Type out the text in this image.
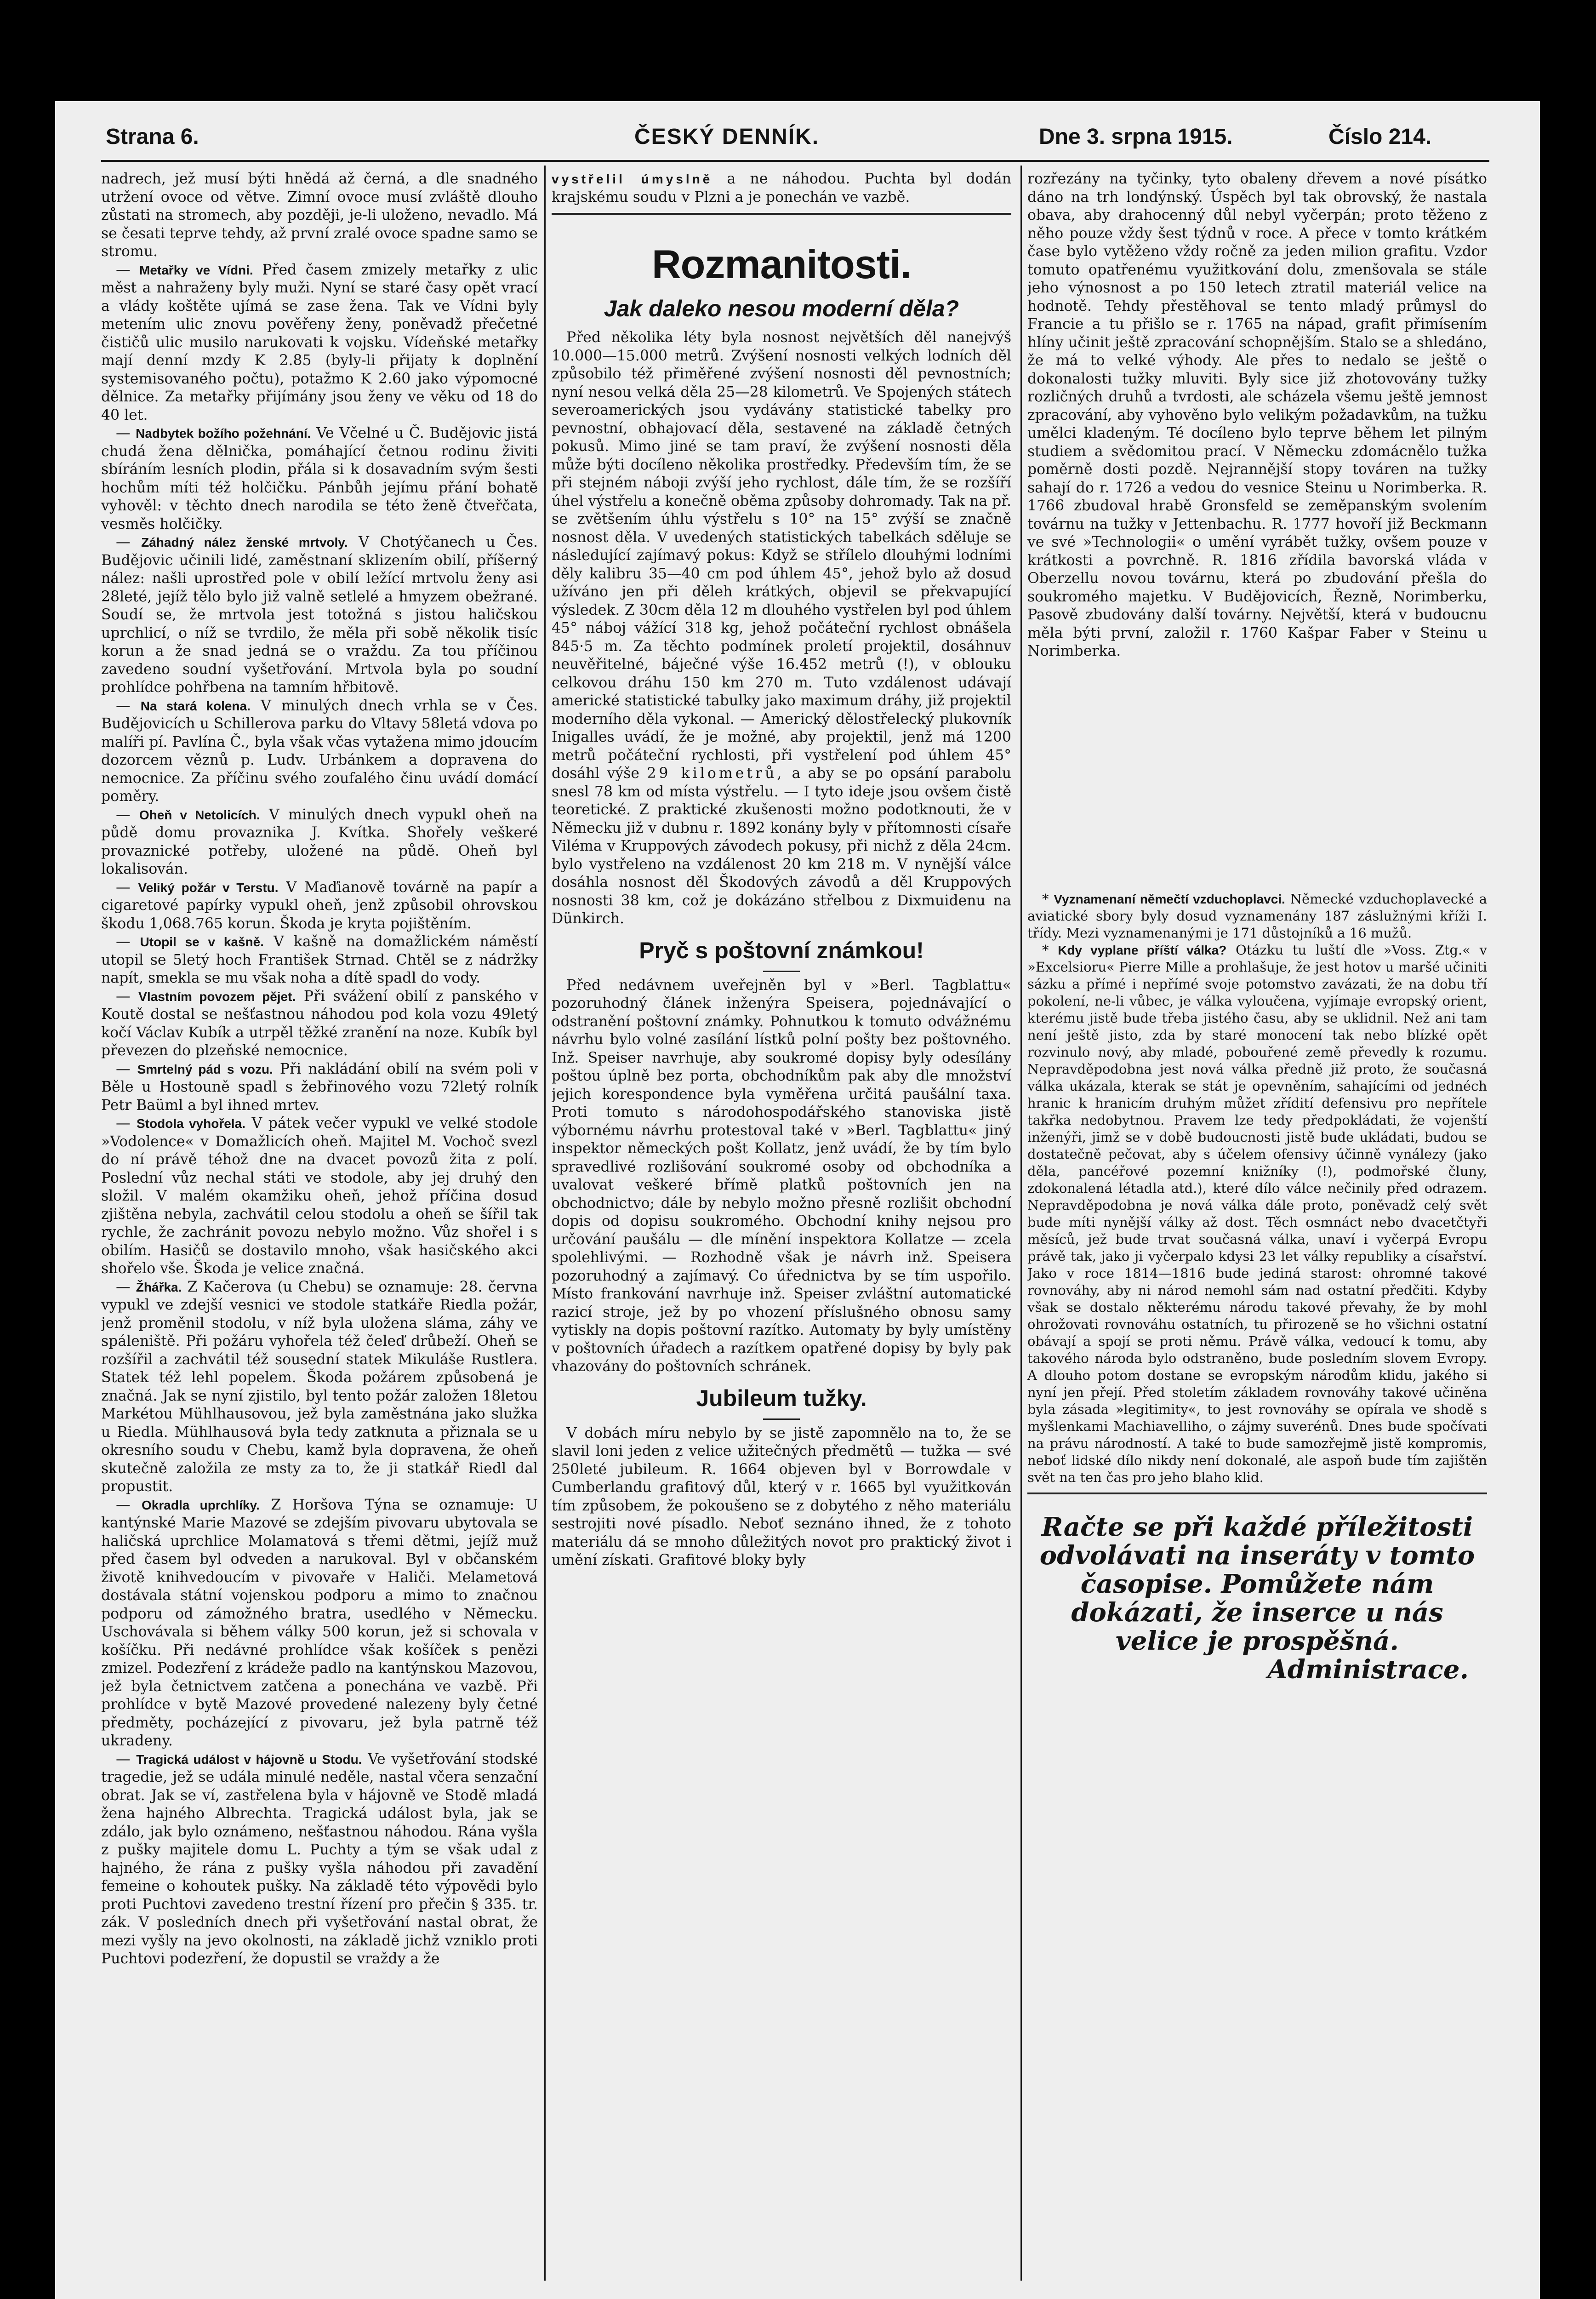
Strana 6.	ČESKÝ DENNÍK.	Dne 3. srpna 1915.	Číslo 214.

nadrech, jež musí býti hnědá až černá, a dle snadného utržení ovoce od větve. Zimní ovoce musí zvláště dlouho zůstati na stromech, aby později, je-li uloženo, nevadlo. Má se česati teprve tehdy, až první zralé ovoce spadne samo se stromu.

— Metařky ve Vídni. Před časem zmizely metařky z ulic měst a nahraženy byly muži. Nyní se staré časy opět vrací a vlády koštěte ujímá se zase žena. Tak ve Vídni byly metením ulic znovu pověřeny ženy, poněvadž přečetné čističů ulic musilo narukovati k vojsku. Vídeňské metařky mají denní mzdy K 2.85 (byly-li přijaty k doplnění systemisovaného počtu), potažmo K 2.60 jako výpomocné dělnice. Za metařky přijímány jsou ženy ve věku od 18 do 40 let.

— Nadbytek božího požehnání. Ve Včelné u Č. Budějovic jistá chudá žena dělnička, pomáhající četnou rodinu živiti sbíráním lesních plodin, přála si k dosavadním svým šesti hochům míti též holčičku. Pánbůh jejímu přání bohatě vyhověl: v těchto dnech narodila se této ženě čtveřčata, vesměs holčičky.

— Záhadný nález ženské mrtvoly. V Chotýčanech u Čes. Budějovic učinili lidé, zaměstnaní sklizením obilí, příšerný nález: našli uprostřed pole v obilí ležící mrtvolu ženy asi 28leté, jejíž tělo bylo již valně setlelé a hmyzem obežrané. Soudí se, že mrtvola jest totožná s jistou haličskou uprchlicí, o níž se tvrdilo, že měla při sobě několik tisíc korun a že snad jedná se o vraždu. Za tou příčinou zavedeno soudní vyšetřování. Mrtvola byla po soudní prohlídce pohřbena na tamním hřbitově.

— Na stará kolena. V minulých dnech vrhla se v Čes. Budějovicích u Schillerova parku do Vltavy 58letá vdova po malíři pí. Pavlína Č., byla však včas vytažena mimo jdoucím dozorcem věznů p. Ludv. Urbánkem a dopravena do nemocnice. Za příčinu svého zoufalého činu uvádí domácí poměry.

— Oheň v Netolicích. V minulých dnech vypukl oheň na půdě domu provaznika J. Kvítka. Shořely veškeré provaznické potřeby, uložené na půdě. Oheň byl lokalisován.

— Veliký požár v Terstu. V Maďianově továrně na papír a cigaretové papírky vypukl oheň, jenž způsobil ohrovskou škodu 1,068.765 korun. Škoda je kryta pojištěním.

— Utopil se v kašně. V kašně na domažlickém náměstí utopil se 5letý hoch František Strnad. Chtěl se z nádržky napít, smekla se mu však noha a dítě spadl do vody.

— Vlastním povozem pĕjet. Při svážení obilí z panského v Koutě dostal se nešťastnou náhodou pod kola vozu 49letý kočí Václav Kubík a utrpěl těžké zranění na noze. Kubík byl převezen do plzeňské nemocnice.

— Smrtelný pád s vozu. Při nakládání obilí na svém poli v Běle u Hostouně spadl s žebřinového vozu 72letý rolník Petr Baüml a byl ihned mrtev.

— Stodola vyhořela. V pátek večer vypukl ve velké stodole »Vodolence« v Domažlicích oheň. Majitel M. Vochoč svezl do ní právě téhož dne na dvacet povozů žita z polí. Poslední vůz nechal státi ve stodole, aby jej druhý den složil. V malém okamžiku oheň, jehož příčina dosud zjištěna nebyla, zachvátil celou stodolu a oheň se šířil tak rychle, že zachránit povozu nebylo možno. Vůz shořel i s obilím. Hasičů se dostavilo mnoho, však hasičského akci shořelo vše. Škoda je velice značná.

— Žhářka. Z Kačerova (u Chebu) se oznamuje: 28. června vypukl ve zdejší vesnici ve stodole statkáře Riedla požár, jenž proměnil stodolu, v níž byla uložena sláma, záhy ve spáleniště. Při požáru vyhořela též čeleď drůbeží. Oheň se rozšířil a zachvátil též sousední statek Mikuláše Rustlera. Statek též lehl popelem. Škoda požárem způsobená je značná. Jak se nyní zjistilo, byl tento požár založen 18letou Markétou Mühlhausovou, jež byla zaměstnána jako služka u Riedla. Mühlhausová byla tedy zatknuta a přiznala se u okresního soudu v Chebu, kamž byla dopravena, že oheň skutečně založila ze msty za to, že ji statkář Riedl dal propustit.

— Okradla uprchlíky. Z Horšova Týna se oznamuje: U kantýnské Marie Mazové se zdejším pivovaru ubytovala se haličská uprchlice Molamatová s třemi dětmi, jejíž muž před časem byl odveden a narukoval. Byl v občanském životě knihvedoucím v pivovaře v Haliči. Melametová dostávala státní vojenskou podporu a mimo to značnou podporu od zámožného bratra, usedlého v Německu. Uschovávala si během války 500 korun, jež si schovala v košíčku. Při nedávné prohlídce však košíček s penězi zmizel. Podezření z krádeže padlo na kantýnskou Mazovou, jež byla četnictvem zatčena a ponechána ve vazbě. Při prohlídce v bytě Mazové provedené nalezeny byly četné předměty, pocházející z pivovaru, jež byla patrně též ukradeny.

— Tragická událost v hájovně u Stodu. Ve vyšetřování stodské tragedie, jež se udála minulé neděle, nastal včera senzační obrat. Jak se ví, zastřelena byla v hájovně ve Stodě mladá žena hajného Albrechta. Tragická událost byla, jak se zdálo, jak bylo oznámeno, nešťastnou náhodou. Rána vyšla z pušky majitele domu L. Puchty a tým se však udal z hajného, že rána z pušky vyšla náhodou při zavadění femeine o kohoutek pušky. Na základě této výpovědi bylo proti Puchtovi zavedeno trestní řízení pro přečin § 335. tr. zák. V posledních dnech při vyšetřování nastal obrat, že mezi vyšly na jevo okolnosti, na základě jichž vzniklo proti Puchtovi podezření, že dopustil se vraždy a že

vystřelil úmyslně a ne náhodou. Puchta byl dodán krajskému soudu v Plzni a je ponechán ve vazbě.

Rozmanitosti.
Jak daleko nesou moderní děla?

Před několika léty byla nosnost největších děl nanejvýš 10.000—15.000 metrů. Zvýšení nosnosti velkých lodních děl způsobilo též přiměřené zvýšení nosnosti děl pevnostních; nyní nesou velká děla 25—28 kilometrů. Ve Spojených státech severoamerických jsou vydávány statistické tabelky pro pevnostní, obhajovací děla, sestavené na základě četných pokusů. Mimo jiné se tam praví, že zvýšení nosnosti děla může býti docíleno několika prostředky. Především tím, že se při stejném náboji zvýší jeho rychlost, dále tím, že se rozšíří úhel výstřelu a konečně oběma způsoby dohromady. Tak na př. se zvětšením úhlu výstřelu s 10° na 15° zvýší se značně nosnost děla. V uvedených statistických tabelkách sděluje se následující zajímavý pokus: Když se střílelo dlouhými lodními děly kalibru 35—40 cm pod úhlem 45°, jehož bylo až dosud užíváno jen při děleh krátkých, objevil se překvapující výsledek. Z 30cm děla 12 m dlouhého vystřelen byl pod úhlem 45° náboj vážící 318 kg, jehož počáteční rychlost obnášela 845·5 m. Za těchto podmínek proletí projektil, dosáhnuv neuvěřitelné, báječné výše 16.452 metrů (!), v oblouku celkovou dráhu 150 km 270 m. Tuto vzdálenost udávají americké statistické tabulky jako maximum dráhy, již projektil moderního děla vykonal. — Americký dělostřelecký plukovník Inigalles uvádí, že je možné, aby projektil, jenž má 1200 metrů počáteční rychlosti, při vystřelení pod úhlem 45° dosáhl výše 29 kilometrů, a aby se po opsání parabolu snesl 78 km od místa výstřelu. — I tyto ideje jsou ovšem čistě teoretické. Z praktické zkušenosti možno podotknouti, že v Německu již v dubnu r. 1892 konány byly v přítomnosti císaře Viléma v Kruppových závodech pokusy, při nichž z děla 24cm. bylo vystřeleno na vzdálenost 20 km 218 m. V nynější válce dosáhla nosnost děl Škodových závodů a děl Kruppových nosnosti 38 km, což je dokázáno střelbou z Dixmuidenu na Dünkirch.

Pryč s poštovní známkou!

Před nedávnem uveřejněn byl v »Berl. Tagblattu« pozoruhodný článek inženýra Speisera, pojednávající o odstranění poštovní známky. Pohnutkou k tomuto odvážnému návrhu bylo volné zasílání lístků polní pošty bez poštovného. Inž. Speiser navrhuje, aby soukromé dopisy byly odesílány poštou úplně bez porta, obchodníkům pak aby dle množství jejich korespondence byla vyměřena určitá paušální taxa. Proti tomuto s národohospodářského stanoviska jistě výbornému návrhu protestoval také v »Berl. Tagblattu« jiný inspektor německých pošt Kollatz, jenž uvádí, že by tím bylo spravedlivé rozlišování soukromé osoby od obchodníka a uvalovat veškeré břímě platků poštovních jen na obchodnictvo; dále by nebylo možno přesně rozlišit obchodní dopis od dopisu soukromého. Obchodní knihy nejsou pro určování paušálu — dle mínění inspektora Kollatze — zcela spolehlivými. — Rozhodně však je návrh inž. Speisera pozoruhodný a zajímavý. Co úřednictva by se tím uspořilo. Místo frankování navrhuje inž. Speiser zvláštní automatické razicí stroje, jež by po vhození příslušného obnosu samy vytiskly na dopis poštovní razítko. Automaty by byly umístěny v poštovních úřadech a razítkem opatřené dopisy by byly pak vhazovány do poštovních schránek.

Jubileum tužky.

V dobách míru nebylo by se jistě zapomnělo na to, že se slavil loni jeden z velice užitečných předmětů — tužka — své 250leté jubileum. R. 1664 objeven byl v Borrowdale v Cumberlandu grafitový důl, který v r. 1665 byl využitkován tím způsobem, že pokoušeno se z dobytého z něho materiálu sestrojiti nové písadlo. Neboť seznáno ihned, že z tohoto materiálu dá se mnoho důležitých novot pro praktický život i umění získati. Grafitové bloky byly

rozřezány na tyčinky, tyto obaleny dřevem a nové písátko dáno na trh londýnský. Úspěch byl tak obrovský, že nastala obava, aby drahocenný důl nebyl vyčerpán; proto těženo z něho pouze vždy šest týdnů v roce. A přece v tomto krátkém čase bylo vytěženo vždy ročně za jeden milion grafitu. Vzdor tomuto opatřenému využitkování dolu, zmenšovala se stále jeho výnosnost a po 150 letech ztratil materiál velice na hodnotě. Tehdy přestěhoval se tento mladý průmysl do Francie a tu přišlo se r. 1765 na nápad, grafit přimísením hlíny učinit ještě zpracování schopnějším. Stalo se a shledáno, že má to velké výhody. Ale přes to nedalo se ještě o dokonalosti tužky mluviti. Byly sice již zhotovovány tužky rozličných druhů a tvrdosti, ale scházela všemu ještě jemnost zpracování, aby vyhověno bylo velikým požadavkům, na tužku umělci kladeným. Té docíleno bylo teprve během let pilným studiem a svědomitou prací. V Německu zdomácnělo tužka poměrně dosti pozdě. Nejrannější stopy továren na tužky sahají do r. 1726 a vedou do vesnice Steinu u Norimberka. R. 1766 zbudoval hrabě Gronsfeld se zeměpanským svolením továrnu na tužky v Jettenbachu. R. 1777 hovoří již Beckmann ve své »Technologii« o umění vyrábět tužky, ovšem pouze v krátkosti a povrchně. R. 1816 zřídila bavorská vláda v Oberzellu novou továrnu, která po zbudování přešla do soukromého majetku. V Budějovicích, Řezně, Norimberku, Pasově zbudovány další továrny. Největší, která v budoucnu měla býti první, založil r. 1760 Kašpar Faber v Steinu u Norimberka.

* Vyznamenaní němečtí vzduchoplavci. Německé vzduchoplavecké a aviatické sbory byly dosud vyznamenány 187 záslužnými kříži I. třídy. Mezi vyznamenanými je 171 důstojníků a 16 mužů.

* Kdy vyplane příští válka? Otázku tu luští dle »Voss. Ztg.« v »Excelsioru« Pierre Mille a prohlašuje, že jest hotov u maršé učiniti sázku a přímé i nepřímé svoje potomstvo zavázati, že na dobu tří pokolení, ne-li vůbec, je válka vyloučena, vyjímaje evropský orient, kterému jistě bude třeba jistého času, aby se uklidnil. Než ani tam není ještě jisto, zda by staré monocení tak nebo blízké opět rozvinulo nový, aby mladé, pobouřené země převedly k rozumu. Nepravděpodobna jest nová válka předně již proto, že současná válka ukázala, kterak se stát je opevněním, sahajícími od jednéch hranic k hranicím druhým můžet zřídití defensivu pro nepřítele takřka nedobytnou. Pravem lze tedy předpokládati, že vojenští inženýři, jimž se v době budoucnosti jistě bude ukládati, budou se dostatečně pečovat, aby s účelem ofensivy účinně vynálezy (jako děla, pancéřové pozemní knižníky (!), podmořské čluny, zdokonalená létadla atd.), které dílo válce nečinily před odrazem. Nepravděpodobna je nová válka dále proto, poněvadž celý svět bude míti nynější války až dost. Těch osmnáct nebo dvacetčtyři měsíců, jež bude trvat současná válka, unaví i vyčerpá Evropu právě tak, jako ji vyčerpalo kdysi 23 let války republiky a císařství. Jako v roce 1814—1816 bude jediná starost: ohromné takové rovnováhy, aby ni národ nemohl sám nad ostatní předčiti. Kdyby však se dostalo některému národu takové převahy, že by mohl ohrožovati rovnováhu ostatních, tu přirozeně se ho všichni ostatní obávají a spojí se proti němu. Právě válka, vedoucí k tomu, aby takového národa bylo odstraněno, bude posledním slovem Evropy. A dlouho potom dostane se evropským národům klidu, jakého si nyní jen přejí. Před stoletím základem rovnováhy takové učiněna byla zásada »legitimity«, to jest rovnováhy se opírala ve shodě s myšlenkami Machiavelliho, o zájmy suverénů. Dnes bude spočívati na právu národností. A také to bude samozřejmě jistě kompromis, neboť lidské dílo nikdy není dokonalé, ale aspoň bude tím zajištěn svět na ten čas pro jeho blaho klid.

Račte se při každé příležitosti odvolávati na inseráty v tomto časopise. Pomůžete nám dokázati, že inserce u nás velice je prospěšná.
Administrace.
